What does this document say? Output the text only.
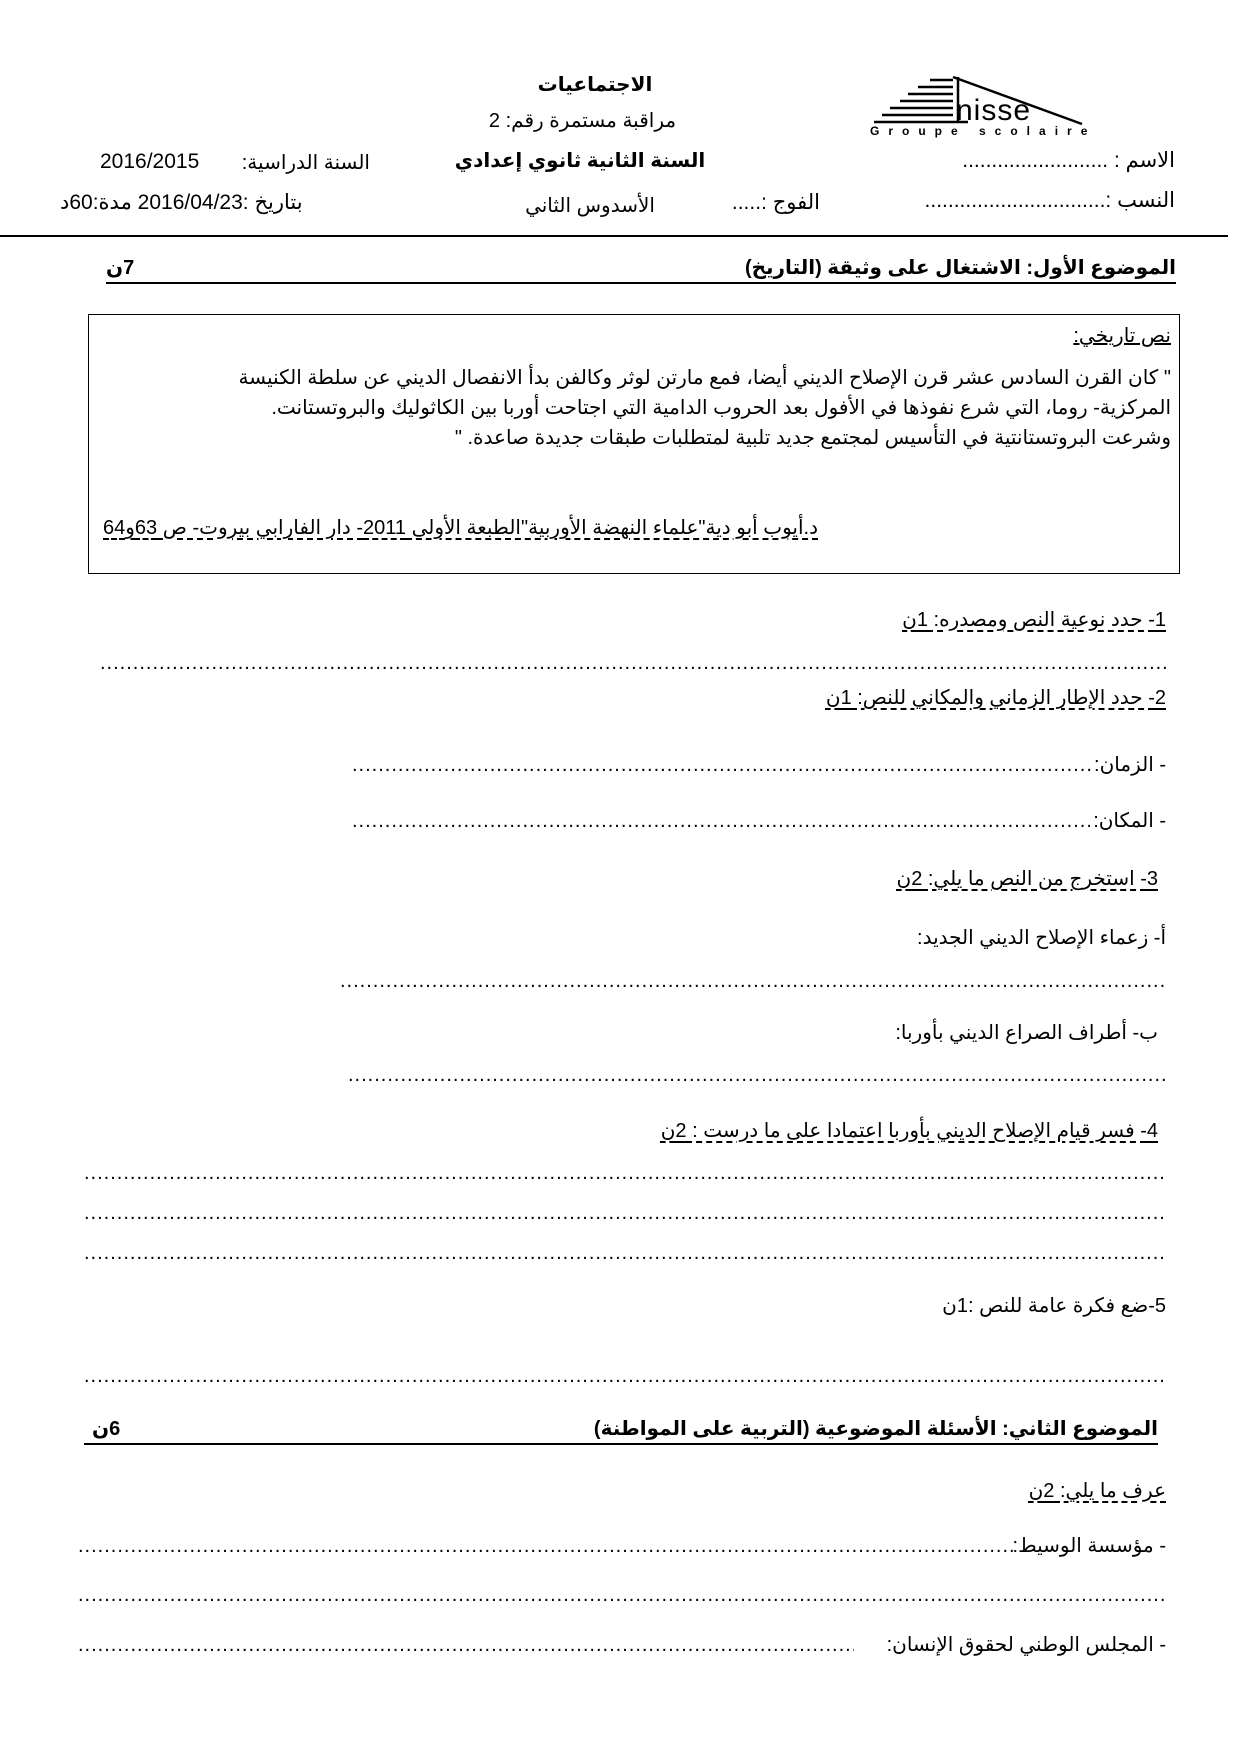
nisse
Groupe scolaire
الاجتماعيات
مراقبة مستمرة رقم: 2
السنة الثانية ثانوي إعدادي
الأسدوس الثاني
2016/2015 السنة الدراسية:
بتاريخ :2016/04/23 مدة:60د
الاسم : .........................
النسب :...............................
الفوج :.....
الموضوع الأول: الاشتغال على وثيقة (التاريخ)
7ن
نص تاريخي:
" كان القرن السادس عشر قرن الإصلاح الديني أيضا، فمع مارتن لوثر وكالفن بدأ الانفصال الديني عن سلطة الكنيسة
المركزية- روما، التي شرع نفوذها في الأفول بعد الحروب الدامية التي اجتاحت أوربا بين الكاثوليك والبروتستانت.
وشرعت البروتستانتية في التأسيس لمجتمع جديد تلبية لمتطلبات طبقات جديدة صاعدة. "
د.أيوب أبو دية"علماء النهضة الأوربية"الطبعة الأولى 2011- دار الفارابي بيروت- ص 63و64
1- حدد نوعية النص ومصدره: 1ن
.....
2- حدد الإطار الزماني والمكاني للنص: 1ن
- الزمان:
.....
- المكان:
.....
3- استخرج من النص ما يلي: 2ن
أ- زعماء الإصلاح الديني الجديد:
.....
ب- أطراف الصراع الديني بأوربا:
.....
4- فسر قيام الإصلاح الديني بأوربا اعتمادا على ما درست : 2ن
.....
.....
.....
5-ضع فكرة عامة للنص :1ن
.....
الموضوع الثاني: الأسئلة الموضوعية (التربية على المواطنة)
6ن
عرف ما يلي: 2ن
- مؤسسة الوسيط:
.....
.....
- المجلس الوطني لحقوق الإنسان:
.....
